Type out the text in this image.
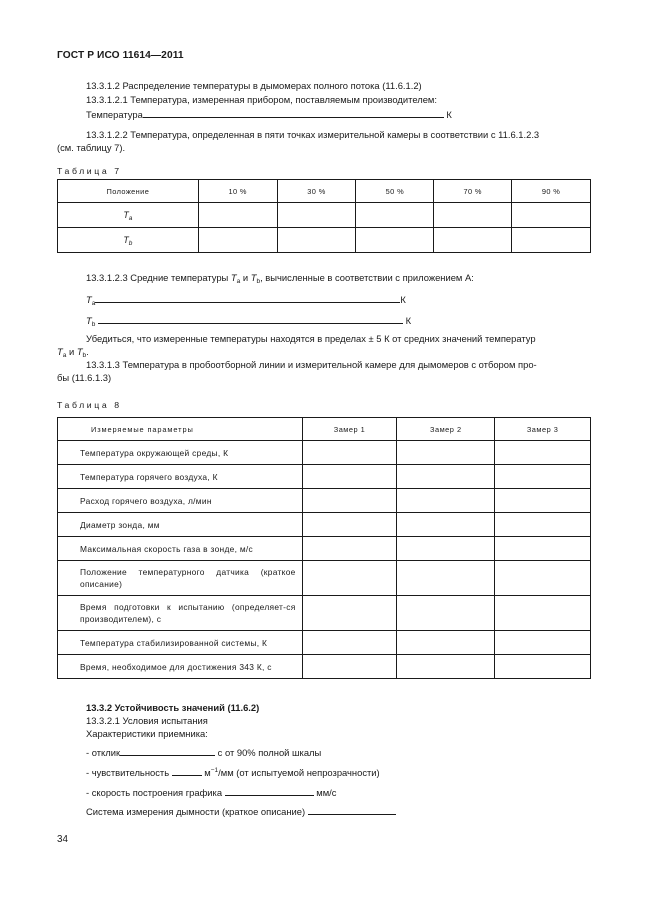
ГОСТ Р ИСО 11614—2011
13.3.1.2 Распределение температуры в дымомерах полного потока (11.6.1.2)
13.3.1.2.1 Температура, измеренная прибором, поставляемым производителем:
Температура	К
13.3.1.2.2 Температура, определенная в пяти точках измерительной камеры в соответствии с 11.6.1.2.3
(см. таблицу 7).
Таблица 7
Положение	10 %	30 %	50 %	70 %	90 %
$T_a$					
$T_b$					
13.3.1.2.3 Средние температуры $T_a$ и $T_b$, вычисленные в соответствии с приложением А:
$T_a$	К
$T_b$	К
Убедиться, что измеренные температуры находятся в пределах ± 5 К от средних значений температур
$T_a$ и $T_b$.
13.3.1.3 Температура в пробоотборной линии и измерительной камере для дымомеров с отбором про-
бы (11.6.1.3)
Таблица 8
Измеряемые параметры	Замер 1	Замер 2	Замер 3
Температура окружающей среды, К			
Температура горячего воздуха, К			
Расход горячего воздуха, л/мин			
Диаметр зонда, мм			
Максимальная скорость газа в зонде, м/с			
Положение температурного датчика (краткое описание)			
Время подготовки к испытанию (определяет-ся производителем), с			
Температура стабилизированной системы, К			
Время, необходимое для достижения 343 К, с			
13.3.2 Устойчивость значений (11.6.2)
13.3.2.1 Условия испытания
Характеристики приемника:
- отклик	с от 90% полной шкалы
- чувствительность	$м^{-1}/мм$ (от испытуемой непрозрачности)
- скорость построения графика	мм/с
Система измерения дымности (краткое описание)
34
